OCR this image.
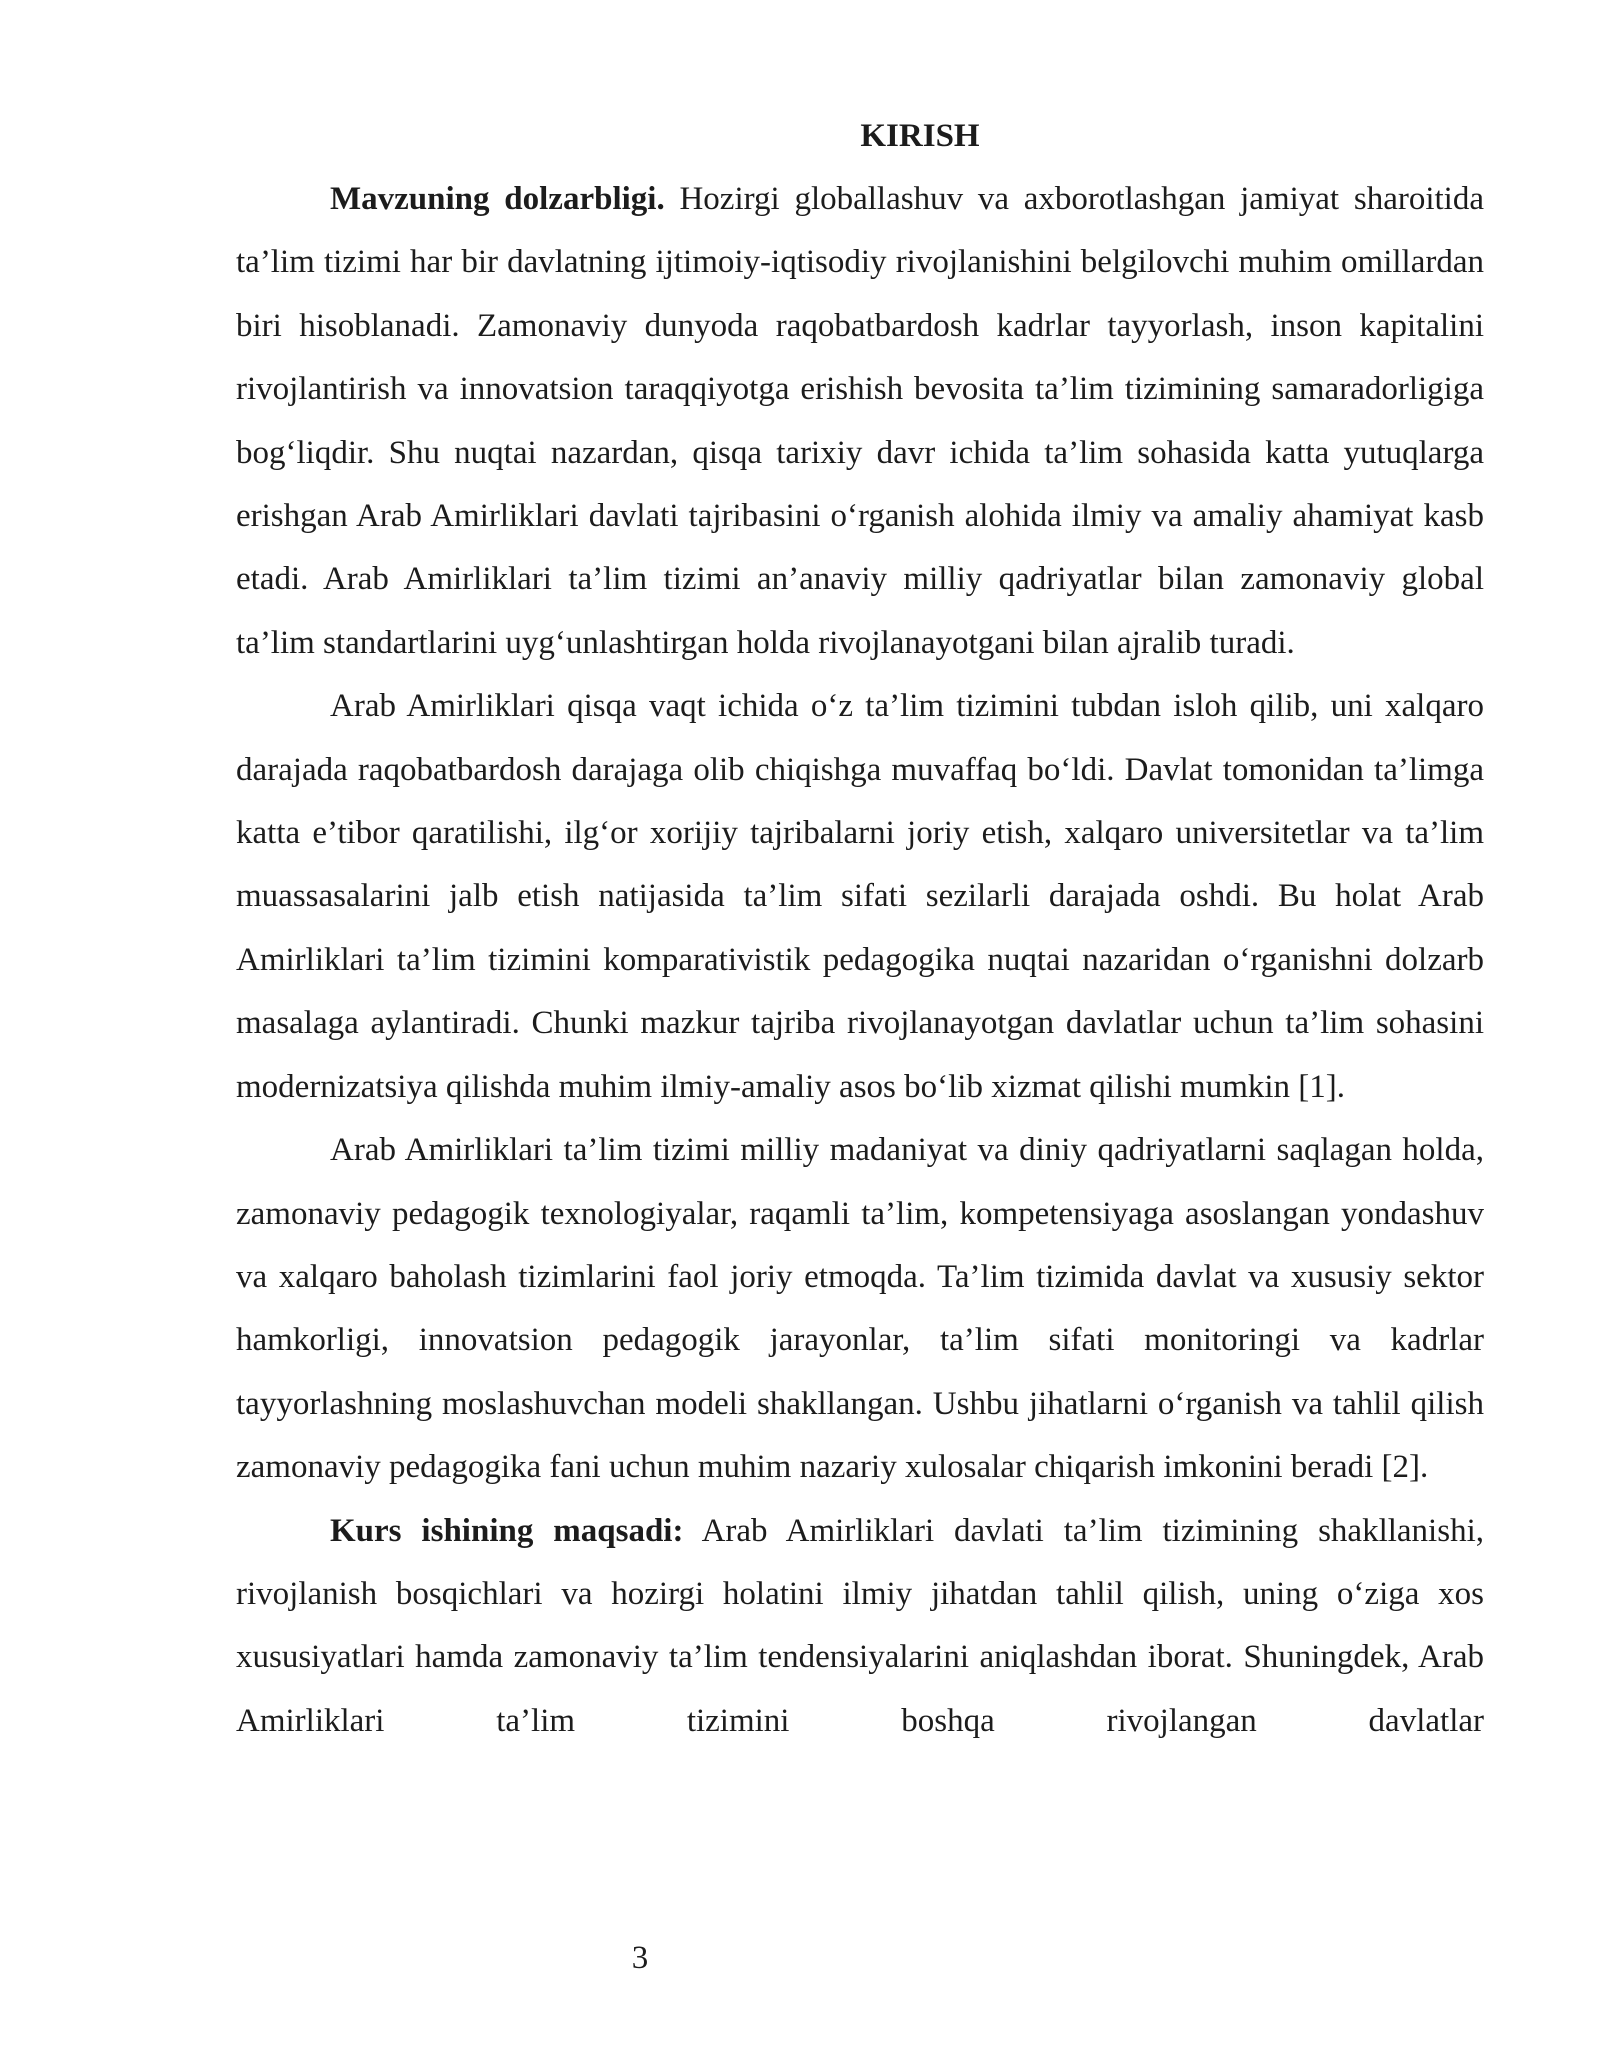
KIRISH

Mavzuning dolzarbligi. Hozirgi globallashuv va axborotlashgan jamiyat sharoitida ta’lim tizimi har bir davlatning ijtimoiy-iqtisodiy rivojlanishini belgilovchi muhim omillardan biri hisoblanadi. Zamonaviy dunyoda raqobatbardosh kadrlar tayyorlash, inson kapitalini rivojlantirish va innovatsion taraqqiyotga erishish bevosita ta’lim tizimining samaradorligiga bog‘liqdir. Shu nuqtai nazardan, qisqa tarixiy davr ichida ta’lim sohasida katta yutuqlarga erishgan Arab Amirliklari davlati tajribasini o‘rganish alohida ilmiy va amaliy ahamiyat kasb etadi. Arab Amirliklari ta’lim tizimi an’anaviy milliy qadriyatlar bilan zamonaviy global ta’lim standartlarini uyg‘unlashtirgan holda rivojlanayotgani bilan ajralib turadi.

Arab Amirliklari qisqa vaqt ichida o‘z ta’lim tizimini tubdan isloh qilib, uni xalqaro darajada raqobatbardosh darajaga olib chiqishga muvaffaq bo‘ldi. Davlat tomonidan ta’limga katta e’tibor qaratilishi, ilg‘or xorijiy tajribalarni joriy etish, xalqaro universitetlar va ta’lim muassasalarini jalb etish natijasida ta’lim sifati sezilarli darajada oshdi. Bu holat Arab Amirliklari ta’lim tizimini komparativistik pedagogika nuqtai nazaridan o‘rganishni dolzarb masalaga aylantiradi. Chunki mazkur tajriba rivojlanayotgan davlatlar uchun ta’lim sohasini modernizatsiya qilishda muhim ilmiy-amaliy asos bo‘lib xizmat qilishi mumkin [1].

Arab Amirliklari ta’lim tizimi milliy madaniyat va diniy qadriyatlarni saqlagan holda, zamonaviy pedagogik texnologiyalar, raqamli ta’lim, kompetensiyaga asoslangan yondashuv va xalqaro baholash tizimlarini faol joriy etmoqda. Ta’lim tizimida davlat va xususiy sektor hamkorligi, innovatsion pedagogik jarayonlar, ta’lim sifati monitoringi va kadrlar tayyorlashning moslashuvchan modeli shakllangan. Ushbu jihatlarni o‘rganish va tahlil qilish zamonaviy pedagogika fani uchun muhim nazariy xulosalar chiqarish imkonini beradi [2].

Kurs ishining maqsadi: Arab Amirliklari davlati ta’lim tizimining shakllanishi, rivojlanish bosqichlari va hozirgi holatini ilmiy jihatdan tahlil qilish, uning o‘ziga xos xususiyatlari hamda zamonaviy ta’lim tendensiyalarini aniqlashdan iborat. Shuningdek, Arab Amirliklari ta’lim tizimini boshqa rivojlangan davlatlar

3
